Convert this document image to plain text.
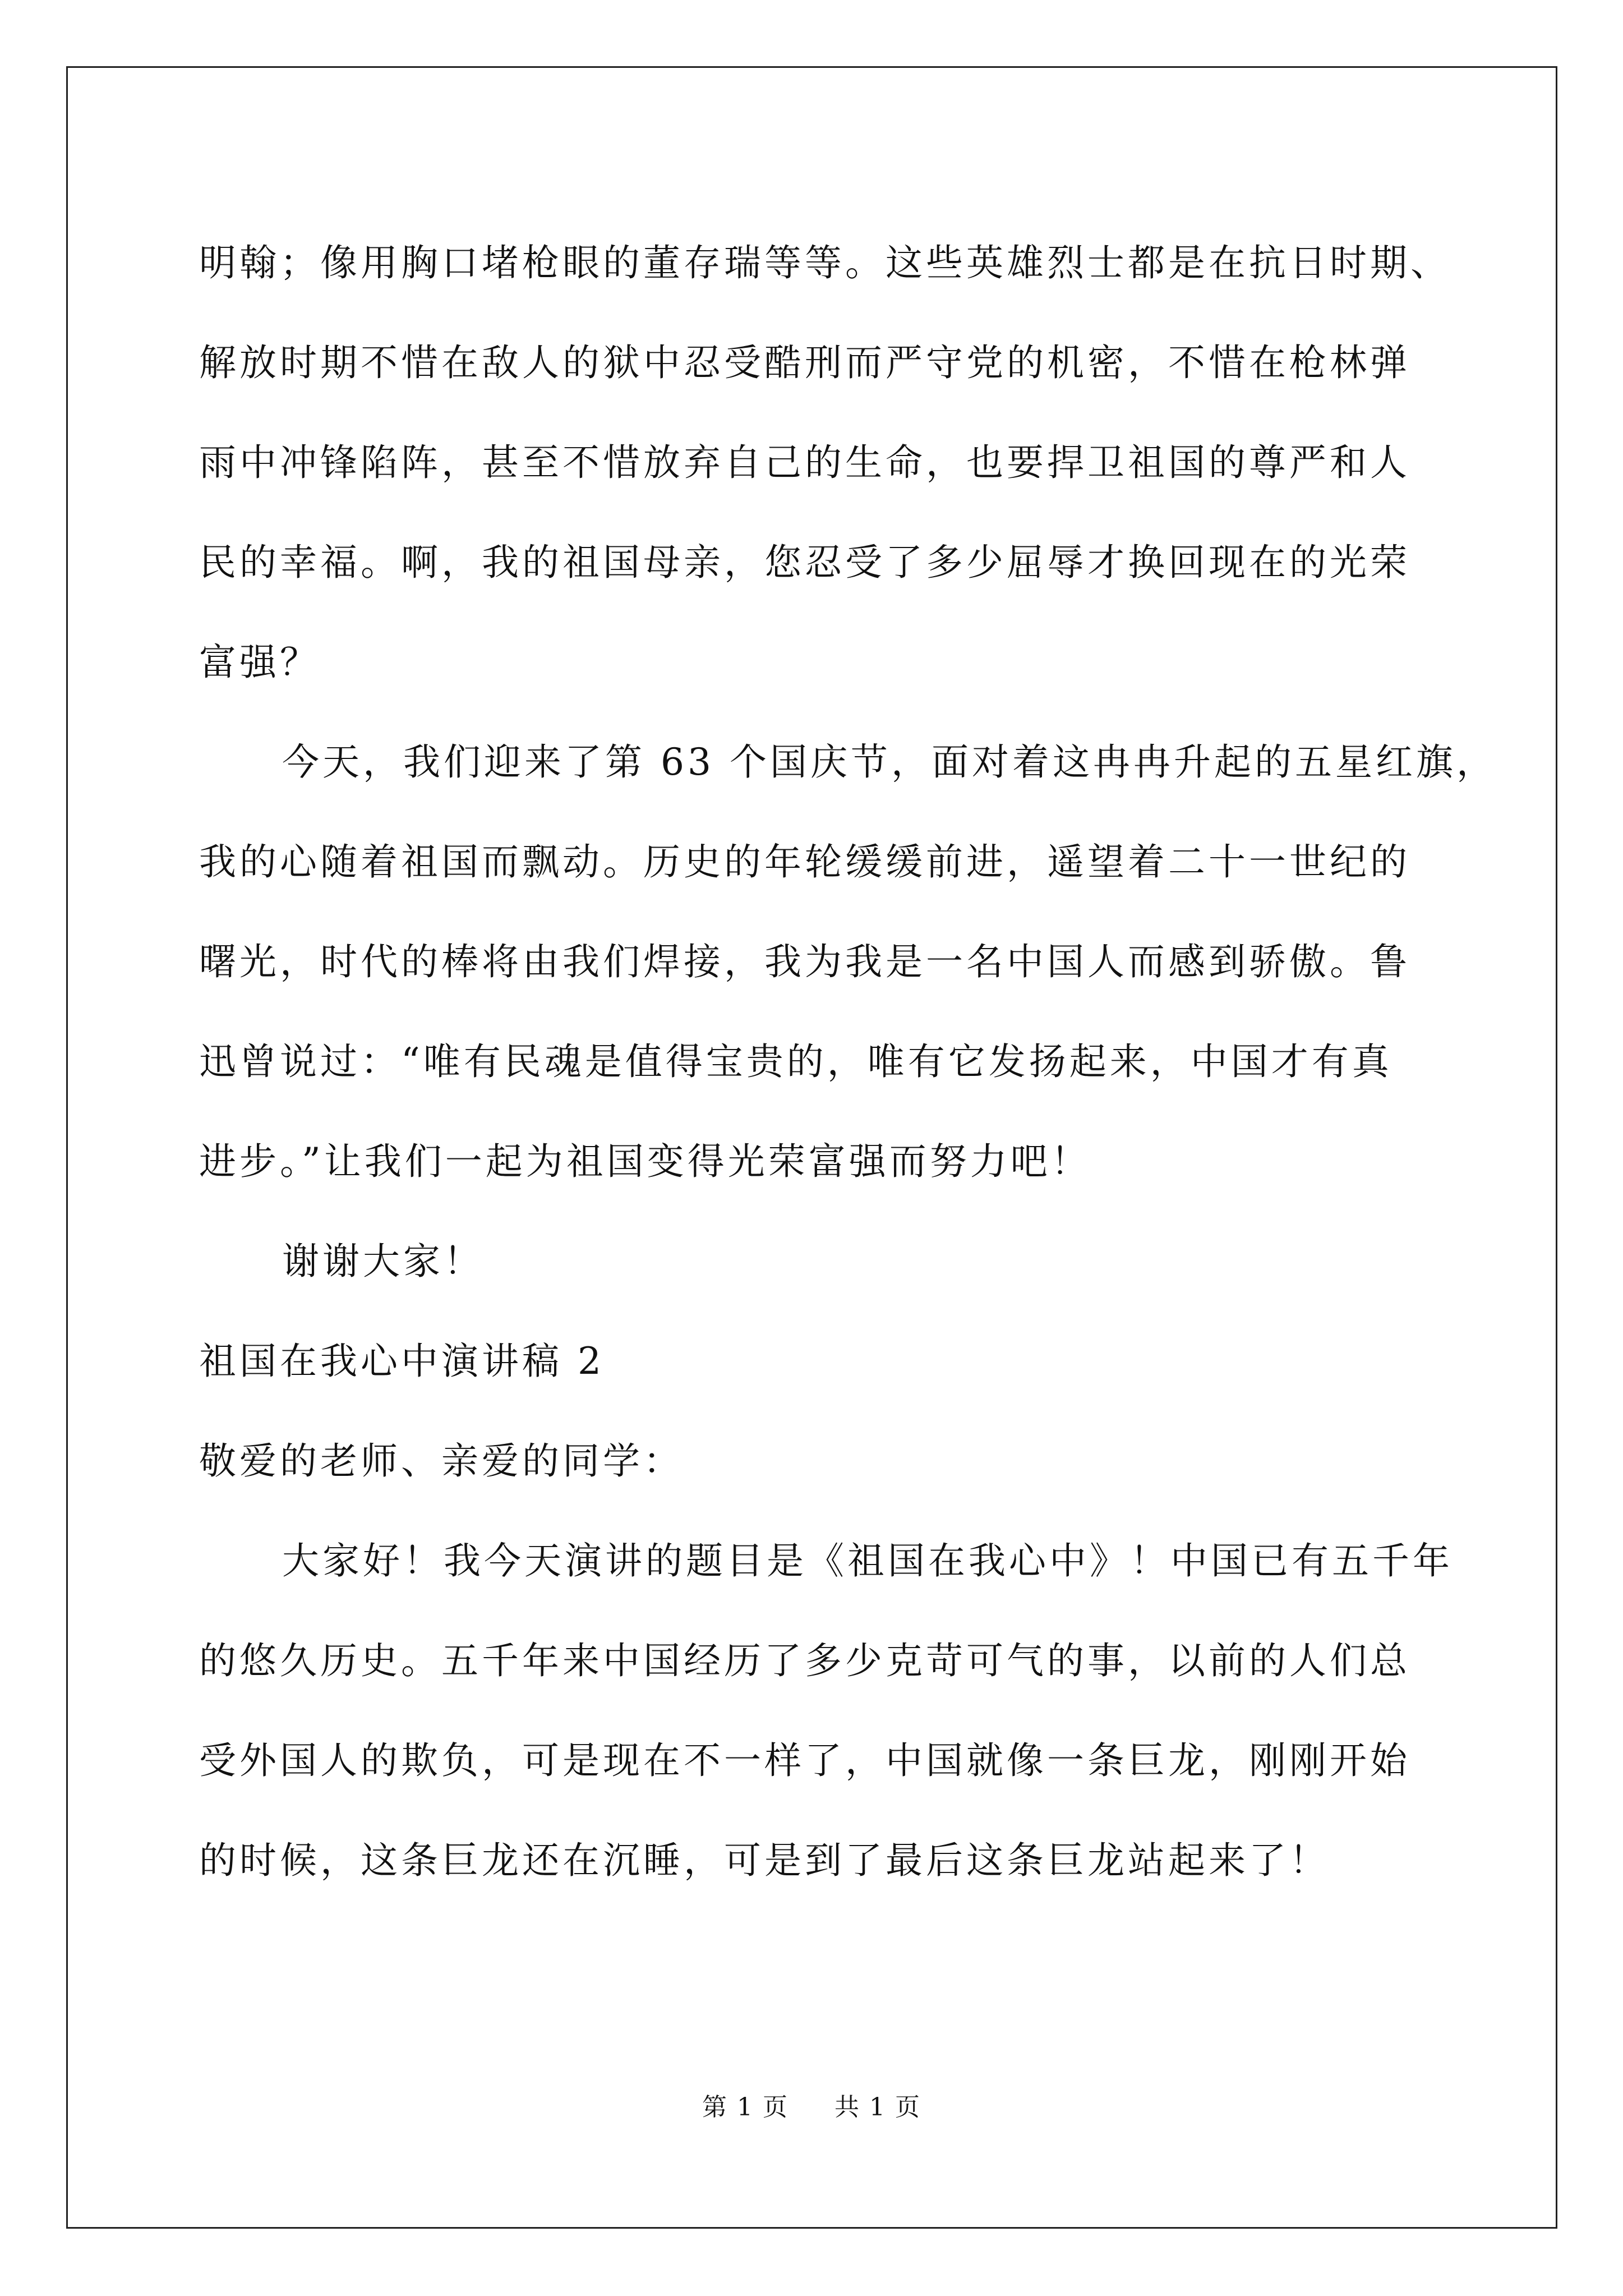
明翰；像用胸口堵枪眼的董存瑞等等。这些英雄烈士都是在抗日时期、
解放时期不惜在敌人的狱中忍受酷刑而严守党的机密，不惜在枪林弹
雨中冲锋陷阵，甚至不惜放弃自己的生命，也要捍卫祖国的尊严和人
民的幸福。啊，我的祖国母亲，您忍受了多少屈辱才换回现在的光荣
富强？
今天，我们迎来了第 63 个国庆节，面对着这冉冉升起的五星红旗，
我的心随着祖国而飘动。历史的年轮缓缓前进，遥望着二十一世纪的
曙光，时代的棒将由我们焊接，我为我是一名中国人而感到骄傲。鲁
迅曾说过：“唯有民魂是值得宝贵的，唯有它发扬起来，中国才有真
进步。”让我们一起为祖国变得光荣富强而努力吧！
谢谢大家！
祖国在我心中演讲稿 2
敬爱的老师、亲爱的同学：
大家好！我今天演讲的题目是《祖国在我心中》！中国已有五千年
的悠久历史。五千年来中国经历了多少克苛可气的事，以前的人们总
受外国人的欺负，可是现在不一样了，中国就像一条巨龙，刚刚开始
的时候，这条巨龙还在沉睡，可是到了最后这条巨龙站起来了！
第 1 页 共 1 页
